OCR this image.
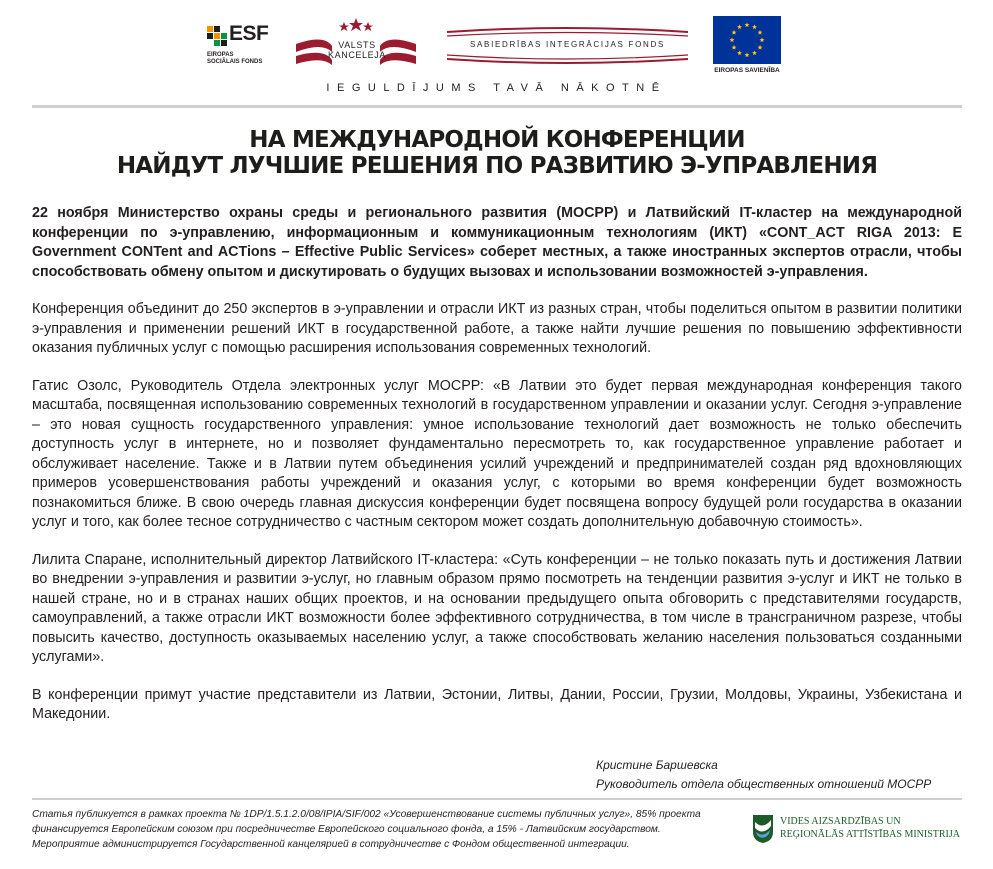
ESF
EIROPAS SOCIĀLAIS FONDS
VALSTS KANCELEJA
SABIEDRĪBAS INTEGRĀCIJAS FONDS
EIROPAS SAVIENĪBA
IEGULDĪJUMS TAVĀ NĀKOTNĒ
НА МЕЖДУНАРОДНОЙ КОНФЕРЕНЦИИ
НАЙДУТ ЛУЧШИЕ РЕШЕНИЯ ПО РАЗВИТИЮ Э-УПРАВЛЕНИЯ

22 ноября Министерство охраны среды и регионального развития (МОСРР) и Латвийский IT-кластер на международной конференции по э-управлению, информационным и коммуникационным технологиям (ИКТ) «CONT_ACT RIGA 2013: E Government CONTent and ACTions – Effective Public Services» соберет местных, а также иностранных экспертов отрасли, чтобы способствовать обмену опытом и дискутировать о будущих вызовах и использовании возможностей э-управления.

Конференция объединит до 250 экспертов в э-управлении и отрасли ИКТ из разных стран, чтобы поделиться опытом в развитии политики э-управления и применении решений ИКТ в государственной работе, а также найти лучшие решения по повышению эффективности оказания публичных услуг с помощью расширения использования современных технологий.

Гатис Озолс, Руководитель Отдела электронных услуг МОСРР: «В Латвии это будет первая международная конференция такого масштаба, посвященная использованию современных технологий в государственном управлении и оказании услуг. Сегодня э-управление – это новая сущность государственного управления: умное использование технологий дает возможность не только обеспечить доступность услуг в интернете, но и позволяет фундаментально пересмотреть то, как государственное управление работает и обслуживает население. Также и в Латвии путем объединения усилий учреждений и предпринимателей создан ряд вдохновляющих примеров усовершенствования работы учреждений и оказания услуг, с которыми во время конференции будет возможность познакомиться ближе. В свою очередь главная дискуссия конференции будет посвящена вопросу будущей роли государства в оказании услуг и того, как более тесное сотрудничество с частным сектором может создать дополнительную добавочную стоимость».

Лилита Спаране, исполнительный директор Латвийского IT-кластера: «Суть конференции – не только показать путь и достижения Латвии во внедрении э-управления и развитии э-услуг, но главным образом прямо посмотреть на тенденции развития э-услуг и ИКТ не только в нашей стране, но и в странах наших общих проектов, и на основании предыдущего опыта обговорить с представителями государств, самоуправлений, а также отрасли ИКТ возможности более эффективного сотрудничества, в том числе в трансграничном разрезе, чтобы повысить качество, доступность оказываемых населению услуг, а также способствовать желанию населения пользоваться созданными услугами».

В конференции примут участие представители из Латвии, Эстонии, Литвы, Дании, России, Грузии, Молдовы, Украины, Узбекистана и Македонии.

Кристине Баршевска
Руководитель отдела общественных отношений МОСРР
Статья публикуется в рамках проекта № 1DP/1.5.1.2.0/08/IPIA/SIF/002 «Усовершенствование системы публичных услуг», 85% проекта
финансируется Европейским союзом при посредничестве Европейского социального фонда, а 15% - Латвийским государством.
Мероприятие администрируется Государственной канцелярией в сотрудничестве с Фондом общественной интеграции.
VIDES AIZSARDZĪBAS UN
REĢIONĀLĀS ATTĪSTĪBAS MINISTRIJA
